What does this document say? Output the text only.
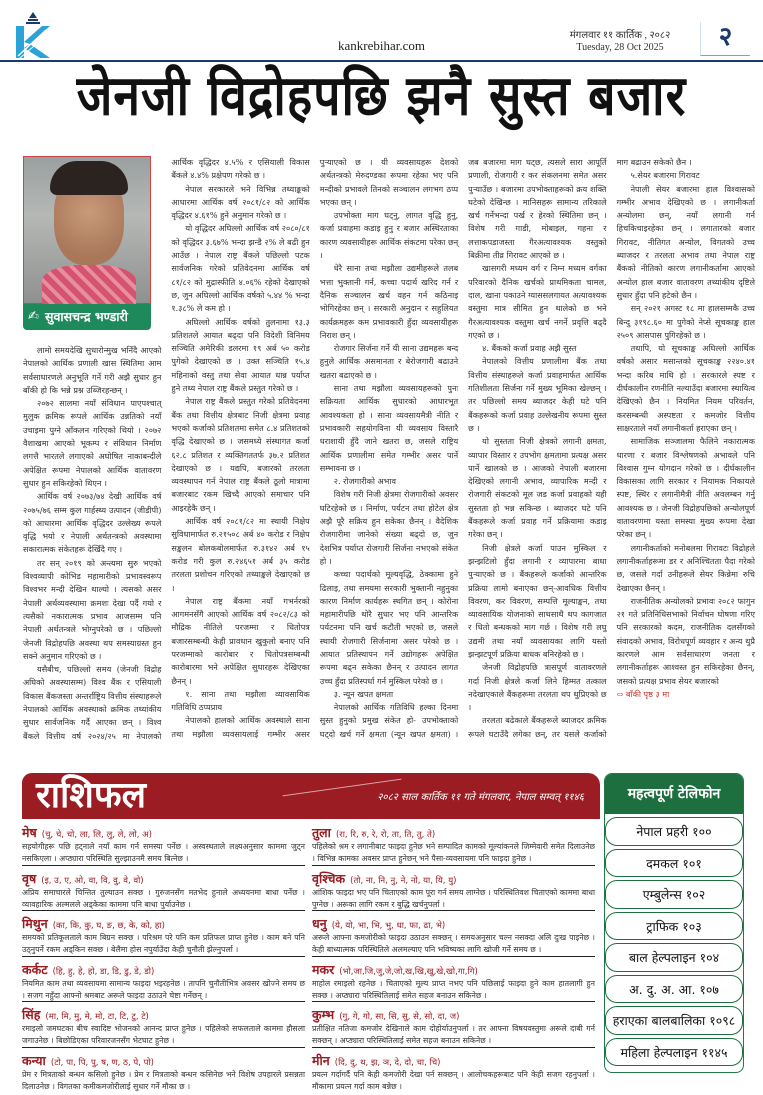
kankrebihar.com
मंगलवार ११ कार्तिक , २०८२
Tuesday, 28 Oct 2025	२
जेनजी विद्रोहपछि झनै सुस्त बजार

लामो समयदेखि सुधारोन्मुख भनिँदै आएको नेपालको आर्थिक प्रणाली खास स्थितिमा आम सर्वसाधारणले अनुभूति गर्ने गरी अझै सुधार हुन बाँकी हो कि भन्ने प्रश्न उब्जिरहन्छन् ।

२०७२ सालमा नयाँ संविधान पाएपश्चात् मुलुक क्रमिक रूपले आर्थिक उन्नतिको नयाँ उचाइमा पुग्ने आँकलन गरिएको थियो । २०७२ वैशाखमा आएको भूकम्प र संविधान निर्माण लगत्तै भारतले लगाएको अघोषित नाकाबन्दीले अपेक्षित रूपमा नेपालको आर्थिक वातावरण सुधार हुन सकिरहेको थिएन ।

आर्थिक वर्ष २०७३/७४ देखी आर्थिक वर्ष २०७५/७६ सम्म कुल गार्हस्थ्य उत्पादन (जीडीपी) को आधारमा आर्थिक वृद्धिदर उल्लेख्य रूपले वृद्धि भयो र नेपाली अर्थतन्त्रको अवस्थामा सकारात्मक संकेतहरू देखिँदै गए ।

तर सन् २०१९ को अन्त्यमा सुरु भएको विश्वव्यापी कोभिड महामारीको प्रभावस्वरूप विश्वभर मन्दी देखिन थाल्यो । त्यसको असर नेपाली अर्थव्यवस्थामा क्रमशः देखा पर्दै गयो र त्यसैको नकारात्मक प्रभाव आजसम्म पनि नेपाली अर्थतन्त्रले भोग्नुपरेको छ । पछिल्लो जेनजी विद्रोहपछि अवस्था थप समस्याग्रस्त हुन सक्ने अनुमान गरिएको छ ।

यसैबीच, पछिल्लो समय (जेनजी विद्रोह अघिको अवस्थासम्म) विश्व बैंक र एसियाली विकास बैंकजस्ता अन्तर्राष्ट्रिय वित्तीय संस्थाहरूले नेपालको आर्थिक अवस्थाको क्रमिक तथ्यांकीय सुधार सार्वजनिक गर्दै आएका छन् । विश्व बैंकले वित्तीय वर्ष २०२४/२५ मा नेपालको आर्थिक वृद्धिदर ४.५% र एसियाली विकास बैंकले ४.४% प्रक्षेपण गरेको छ ।

नेपाल सरकारले भने विभिन्न तथ्याङ्कको आधारमा आर्थिक वर्ष २०८१/८२ को आर्थिक वृद्धिदर ४.६१% हुने अनुमान गरेको छ ।

यो वृद्धिदर अघिल्लो आर्थिक वर्ष २०८०/८१ को वृद्धिदर ३.६७% भन्दा झन्डै २% ले बढी हुन आउँछ । नेपाल राष्ट्र बैंकले पछिल्लो पटक सार्वजनिक गरेको प्रतिवेदनमा आर्थिक वर्ष ८१/८२ को मुद्रास्फीति ४.०६% रहेको देखाएको छ, जुन अघिल्लो आर्थिक वर्षको ५.४४ % भन्दा १.३८% ले कम हो ।

अघिल्लो आर्थिक वर्षको तुलनामा १३.३ प्रतिशतले आयात बढ्दा पनि विदेशी विनिमय सञ्चिति अमेरिकी डलरमा १९ अर्ब ५० करोड पुगेको देखाएको छ । उक्त सञ्चिति १५.४ महिनाको वस्तु तथा सेवा आयात धान्न पर्याप्त हुने तथ्य नेपाल राष्ट्र बैंकले प्रस्तुत गरेको छ ।

नेपाल राष्ट्र बैंकले प्रस्तुत गरेको प्रतिवेदनमा बैंक तथा वित्तीय क्षेत्रबाट निजी क्षेत्रमा प्रवाह भएको कर्जाको प्रतिशतमा समेत ८.४ प्रतिशतको वृद्धि देखाएको छ । जसमध्ये संस्थागत कर्जा ६२.८ प्रतिशत र व्यक्तिगततर्फ ३७.२ प्रतिशत देखाएको छ । यद्यपि, बजारको तरलता व्यवस्थापन गर्न नेपाल राष्ट्र बैंकले ठूलो मात्रामा बजारबाट रकम खिच्दै आएको समाचार पनि आइरहेकै छन् ।

आर्थिक वर्ष २०८१/८२ मा स्थायी निक्षेप सुविधामार्फत रु.२१५०८ अर्ब ४० करोड र निक्षेप सङ्कलन बोलकबोलमार्फत रु.३१४२ अर्ब १५ करोड गरी कुल रु.२४६५१ अर्ब ३५ करोड तरलता प्रशोचन गरिएको तथ्याङ्कले देखाएको छ ।

नेपाल राष्ट्र बैंकमा नयाँ गभर्नरको आगमनसँगै आएको आर्थिक वर्ष २०८२/८३ को मौद्रिक नीतिले परजम्मा र धितोपत्र बजारसम्बन्धी केही प्रावधान खुकुलो बनाए पनि परजम्माको कारोबार र धितोपत्रसम्बन्धी कारोबारमा भने अपेक्षित सुधारहरू देखिएका छैनन् ।

१. साना तथा मझौला व्यावसायिक गतिविधि ठप्पप्राय

नेपालको हालको आर्थिक अवस्थाले साना तथा मझौला व्यवसायलाई गम्भीर असर पुऱ्याएको छ । यी व्यवसायहरू देशको अर्थतन्त्रको मेरुदण्डका रूपमा रहेका भए पनि मन्दीको प्रभावले तिनको सञ्चालन लगभग ठप्प भएका छन् ।

उपभोक्ता माग घट्नु, लागत वृद्धि हुनु, कर्जा प्रवाहमा कडाइ हुनु र बजार अस्थिरताका कारण व्यवसायीहरू आर्थिक संकटमा परेका छन् ।

धेरै साना तथा मझौला उद्यमीहरूले तलब भत्ता भुक्तानी गर्न, कच्चा पदार्थ खरिद गर्न र दैनिक सञ्चालन खर्च वहन गर्न कठिनाइ भोगिरहेका छन् । सरकारी अनुदान र सहुलियत कार्यक्रमहरू कम प्रभावकारी हुँदा व्यवसायीहरू निराश छन् ।

रोजगार सिर्जना गर्ने यी साना उद्यमहरू बन्द हुनुले आर्थिक असमानता र बेरोजगारी बढाउने खतरा बढाएको छ ।

साना तथा मझौला व्यवसायहरूको पुनः सक्रियता आर्थिक सुधारको आधारभूत आवश्यकता हो । साना व्यवसायमैत्री नीति र प्रभावकारी सहयोगविना यी व्यवसाय विस्तारै धराशायी हुँदै जाने खतरा छ, जसले राष्ट्रिय आर्थिक प्रणालीमा समेत गम्भीर असर पार्ने सम्भावना छ ।

२. रोजगारीको अभाव

विशेष गरी निजी क्षेत्रमा रोजगारीको अवसर घटिरहेको छ । निर्माण, पर्यटन तथा होटेल क्षेत्र अझै पूरै सक्रिय हुन सकेका छैनन् । वैदेशिक रोजगारीमा जानेको संख्या बढ्दो छ, जुन देशभित्र पर्याप्त रोजगारी सिर्जना नभएको संकेत हो ।

कच्चा पदार्थको मूल्यवृद्धि, ठेक्कामा हुने ढिलाइ, तथा समयमा सरकारी भुक्तानी नहुनुका कारण निर्माण कार्यहरू स्थगित छन् । कोरोना महामारीपछि थोरै सुधार भए पनि आन्तरिक पर्यटनमा पनि खर्च कटौती भएको छ, जसले स्थायी रोजगारी सिर्जनामा असर परेको छ । आयात प्रतिस्थापन गर्ने उद्योगहरू अपेक्षित रूपमा बढ्न सकेका छैनन् र उत्पादन लागत उच्च हुँदा प्रतिस्पर्धा गर्न मुस्किल परेको छ ।

३. न्यून खपत क्षमता

नेपालको आर्थिक गतिविधि हल्का दिनमा सुस्त हुनुको प्रमुख संकेत हो- उपभोक्ताको घट्दो खर्च गर्ने क्षमता (न्यून खपत क्षमता) । जब बजारमा माग घट्छ, त्यसले सारा आपूर्ति प्रणाली, रोजगारी र कर संकलनमा समेत असर पुऱ्याउँछ । बजारमा उपभोक्ताहरूको क्रय शक्ति घटेको देखिन्छ । मानिसहरू सामान्य तरिकाले खर्च गर्नेभन्दा पर्ख र हेरको स्थितिमा छन् । विशेष गरी गाडी, मोबाइल, गहना र लत्ताकपडाजस्ता गैरअत्यावश्यक वस्तुको बिक्रीमा तीव्र गिरावट आएको छ ।

खासगरी मध्यम वर्ग र निम्न मध्यम वर्गका परिवारको दैनिक खर्चको प्राथमिकता चामल, दाल, खाना पकाउने ग्याससलगायत अत्यावश्यक वस्तुमा मात्र सीमित हुन थालेको छ भने गैरअत्यावश्यक वस्तुमा खर्च नगर्ने प्रवृत्ति बढ्दै गएको छ ।

४. बैंकको कर्जा प्रवाह अझै सुस्त

नेपालको वित्तीय प्रणालीमा बैंक तथा वित्तीय संस्थाहरूले कर्जा प्रवाहमार्फत आर्थिक गतिशीलता सिर्जना गर्ने मुख्य भूमिका खेल्छन् । तर पछिल्लो समय ब्याजदर केही घटे पनि बैंकहरूको कर्जा प्रवाह उल्लेखनीय रूपमा सुस्त छ ।

यो सुस्तता निजी क्षेत्रको लगानी क्षमता, व्यापार विस्तार र उपभोग क्षमतामा प्रत्यक्ष असर पार्ने खालको छ । आजको नेपाली बजारमा देखिएको लगानी अभाव, व्यापारिक मन्दी र रोजगारी संकटको मूल जड कर्जा प्रवाहको यही सुस्तता हो भन्न सकिन्छ । ब्याजदर घटे पनि बैंकहरूले कर्जा प्रवाह गर्ने प्रक्रियामा कडाइ गरेका छन् ।

निजी क्षेत्रले कर्जा पाउन मुस्किल र झन्झटिलो हुँदा लगानी र व्यापारमा बाधा पुऱ्याएको छ । बैंकहरूले कर्जाको आन्तरिक प्रक्रिया लामो बनाएका छन्-आवधिक वित्तीय विवरण, कर विवरण, सम्पत्ति मूल्याङ्कन, तथा व्यावसायिक योजनाको साथसाथै थप कागजात र धितो बन्धकको माग गर्छ । विशेष गरी लघु उद्यमी तथा नयाँ व्यवसायका लागि यस्तो झन्झटपूर्ण प्रक्रिया बाधक बनिरहेको छ ।

जेनजी विद्रोहपछि त्रासपूर्ण वातावरणले गर्दा निजी क्षेत्रले कर्जा लिने हिम्मत तत्काल नदेखाएकाले बैंकहरूमा तरलता थप थुप्रिएको छ ।

तरलता बढेकाले बैंकहरूले ब्याजदर क्रमिक रूपले घटाउँदै लगेका छन्, तर यसले कर्जाको माग बढाउन सकेको छैन ।

५.सेयर बजारमा गिरावट

नेपाली सेयर बजारमा हाल विश्वासको गम्भीर अभाव देखिएको छ । लगानीकर्ता अन्योलमा छन्, नयाँ लगानी गर्न हिचकिचाइरहेका छन् । लगातारको बजार गिरावट, नीतिगत अन्योल, विगतको उच्च ब्याजदर र तरलता अभाव तथा नेपाल राष्ट्र बैंकको नीतिको कारण लगानीकर्तामा आएको अन्योल हाल बजार वातावरण तथ्यांकीय दृष्टिले सुधार हुँदा पनि हटेको छैन ।

सन् २०२१ अगस्ट १८ मा हालसम्मकै उच्च बिन्दु ३१९८.६० मा पुगेको नेप्से सूचकाङ्क हाल २५०९ आसपास पुगिरहेको छ ।

तथापि, यो सूचकाङ्क अघिल्लो आर्थिक वर्षको असार मसान्तको सूचकाङ्क २२४०.४१ भन्दा करिब माथि हो । सरकारले स्पष्ट र दीर्घकालीन रणनीति नल्याउँदा बजारमा स्थायित्व देखिएको छैन । नियमित नियम परिवर्तन, करसम्बन्धी अस्पष्टता र कमजोर वित्तीय साक्षरताले नयाँ लगानीकर्ता हराएका छन् ।

सामाजिक सञ्जालमा फैलिने नकारात्मक धारणा र बजार विश्लेषणको अभावले पनि विश्वास गुम्न योगदान गरेको छ । दीर्घकालीन विकासका लागि सरकार र नियामक निकायले स्पष्ट, स्थिर र लगानीमैत्री नीति अवलम्बन गर्नु आवश्यक छ । जेनजी विद्रोहपछिको अन्योलपूर्ण वातावरणमा यस्ता समस्या मुख्य रूपमा देखा परेका छन् ।

लगानीकर्ताको मनोबलमा गिरावटः विद्रोहले लगानीकर्ताहरूमा डर र अनिश्चितता पैदा गरेको छ, जसले गर्दा उनीहरूले सेयर किन्नेमा रुचि देखाएका छैनन् ।

राजनीतिक अन्योलको प्रभावः २०८२ फागुन २१ गते प्रतिनिधिसभाको निर्वाचन घोषणा गरिए पनि सरकारको कदम, राजनीतिक दलसँगको संवादको अभाव, विरोधपूर्ण व्यवहार र अन्य थुप्रै कारणले आम सर्वसाधारण जनता र लगानीकर्ताहरू आश्वस्त हुन सकिरहेका छैनन्, जसको प्रत्यक्ष प्रभाव सेयर बजारको

⇨ बाँकी पृष्ठ ३ मा
✍ सुवासचन्द्र भण्डारी
राशिफल	२०८२ साल कार्तिक ११ गते मंगलवार, नेपाल सम्वत् ११४६
मेष (चु, चे, चो, ला, लि, लु, ले, लो, अ)
सहयोगीहरू पछि हट्नाले नयाँ काम गर्न समस्या पर्नेछ । अस्वस्थताले लक्ष्यअनुसार काममा जुट्न नसकिएला । अप्ठ्यारा परिस्थिति सुल्झाउनमै समय बित्नेछ ।
वृष (इ, उ, ए, ओ, वा, वि, वु, वे, वो)
अप्रिय समाचारले चिन्तित तुल्याउन सक्छ । गुरुजनसँग मतभेद हुनाले अध्ययनमा बाधा पर्नेछ । व्यावहारिक अल्मलले अड्केका काममा पनि बाधा पुर्याउनेछ ।
मिथुन (का, कि, कु, घ, ङ, छ, के, को, हा)
समयको प्रतिकूलताले काम बिग्रन सक्छ । परिश्रम परे पनि कम प्रतिफल प्राप्त हुनेछ । काम बने पनि उठ्नुपर्ने रकम अड्किन सक्छ । बेलैमा होस नपुर्याउँदा केही चुनौती झेल्नुपर्ला ।
कर्कट (हि, हु, हे, हो, डा, डि, डु, डे, डो)
नियमित काम तथा व्यवसायमा सामान्य फाइदा भइरहनेछ । तापनि चुनौतीभित्र अवसर खोज्ने समय छ । सजग नहुँदा आफ्नो श्रमबाट अरूले फाइदा उठाउने चेष्टा गर्नेछन् ।
सिंह (मा, मि, मु, मे, मो, टा, टि, टु, टे)
रमाइलो जमघटका बीच स्वादिष्ट भोजनको आनन्द प्राप्त हुनेछ । पहिलेको सफलताले काममा हौसला जगाउनेछ । बिछोडिएका परिवारजनसँग भेटघाट हुनेछ ।
कन्या (टो, पा, पि, पु, ष, ण, ठ, पे, पो)
प्रेम र मित्रताको बन्धन कसिलो हुनेछ । प्रेम र मित्रताको बन्धन कसिनेछ भने विशेष उपहारले प्रसन्नता दिलाउनेछ । विगतका कमीकमजोरीलाई सुधार गर्ने मौका छ ।
तुला (रा, रि, रु, रे, रो, ता, ति, तु, ते)
पहिलेको श्रम र लगानीबाट फाइदा हुनेछ भने सम्पादित कामको मूल्यांकनले जिम्मेवारी समेत दिलाउनेछ । विभिन्न कामका अवसर प्राप्त हुनेछन् भने पैसा-व्यवसायमा पनि फाइदा हुनेछ ।
वृश्चिक (तो, ना, नि, नु, ने, नो, या, यि, यु)
आंशिक फाइदा भए पनि चिताएको काम पूरा गर्न समय लाग्नेछ । परिस्थितिवश चिताएको काममा बाधा पुग्नेछ । अरूका लागि रकम र बुद्धि खर्चनुपर्ला ।
धनु (ये, यो, भा, भि, भु, धा, फा, ढा, भे)
अरूले आफ्ना कमजोरीको फाइदा उठाउन सक्छन् । समयअनुसार चल्न नसक्दा अलि दुःख पाइनेछ । केही बाध्यात्मक परिस्थितिले अलमल्याए पनि भविष्यका लागि खोजी गर्ने समय छ ।
मकर (भो,जा,जि,जु,जे,जो,ख,खि,खु,खे,खो,गा,गि)
माहोल रमाइलो रहनेछ । चिताएको मूल्य प्राप्त नभए पनि पछिलाई फाइदा हुने काम हातलागी हुन सक्छ । अप्ठ्यारा परिस्थितिलाई समेत सहज बनाउन सकिनेछ ।
कुम्भ (गु, गे, गो, सा, सि, सु, से, सो, दा, ज)
प्रतीक्षित नतिजा कमजोर देखिनाले काम दोहोर्याउनुपर्ला । तर आफ्ना विषयवस्तुमा अरूले दाबी गर्न सक्छन् । अप्ठ्यारा परिस्थितिलाई समेत सहज बनाउन सकिनेछ ।
मीन (दि, दु, थ, झ, ञ, दे, दो, चा, चि)
प्रयत्न गर्दागर्दै पनि केही कमजोरी देखा पर्न सक्छन् । आलोचकहरूबाट पनि केही सजग रहनुपर्ला । मौकामा प्रयत्न गर्दा काम बन्नेछ ।
महत्वपूर्ण टेलिफोन
नेपाल प्रहरी १००
दमकल १०१
एम्बुलेन्स १०२
ट्राफिक १०३
बाल हेल्पलाइन १०४
अ. दु. अ. आ. १०७
हराएका बालबालिका १०९८
महिला हेल्पलाइन ११४५
